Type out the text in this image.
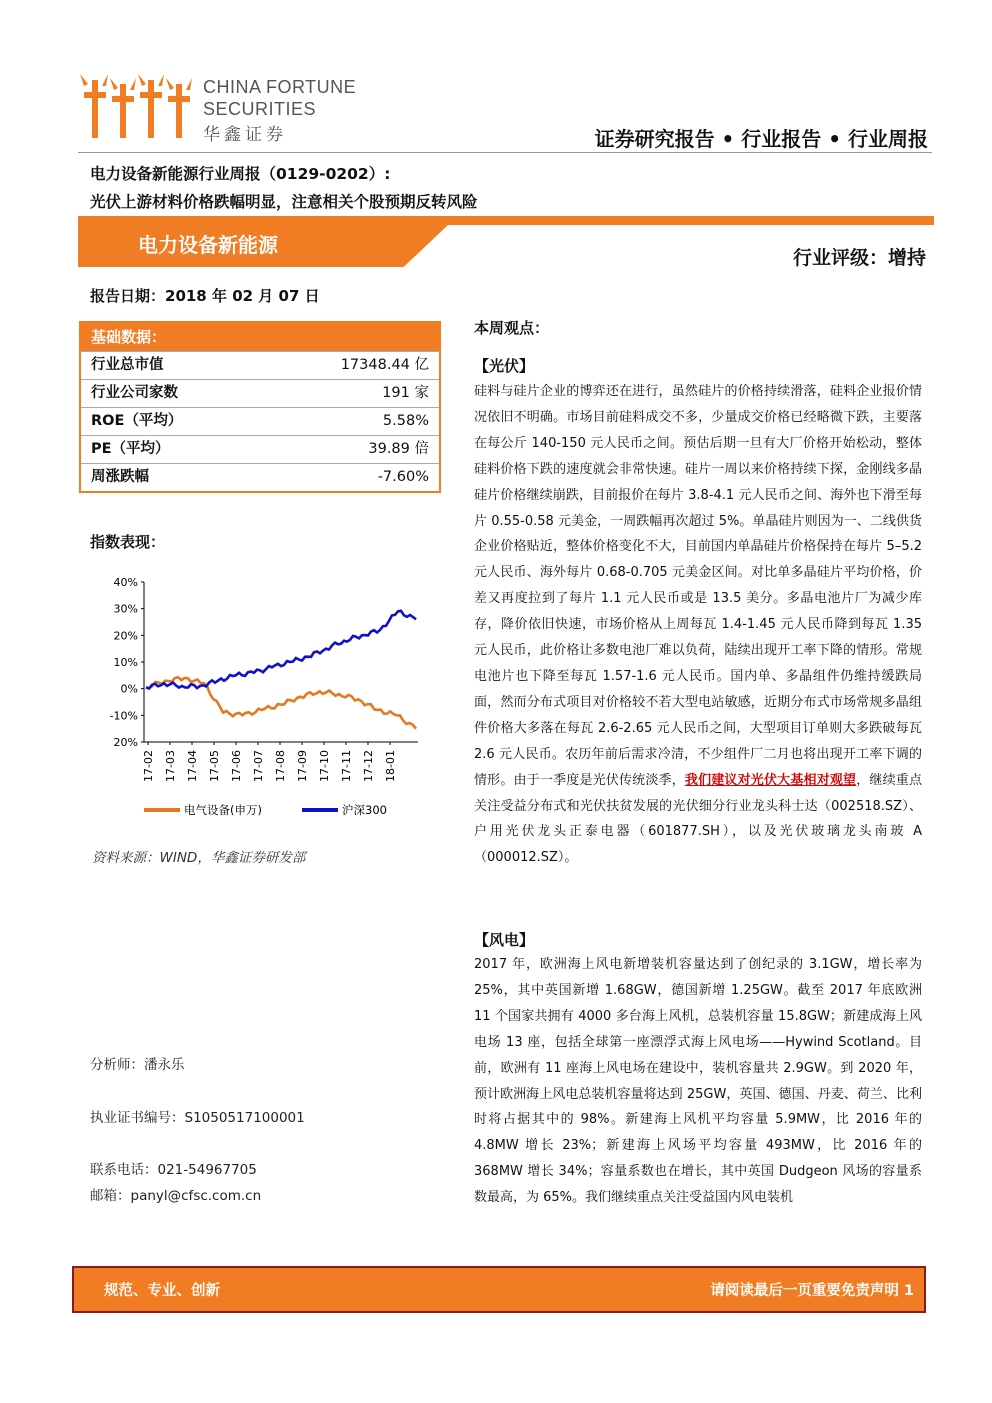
CHINA FORTUNE
SECURITIES
华鑫证券	证券研究报告 • 行业报告 • 行业周报
电力设备新能源行业周报（0129-0202）:
光伏上游材料价格跌幅明显，注意相关个股预期反转风险
电力设备新能源
行业评级：增持
报告日期：2018 年 02 月 07 日
基础数据：
行业总市值	17348.44 亿
行业公司家数	191 家
ROE（平均）	5.58%
PE（平均）	39.89 倍
周涨跌幅	-7.60%
指数表现：
40%
30%
20%
10%
0%
-10%
20%
17-02 17-03 17-04 17-05 17-06 17-07 17-08 17-09 17-10 17-11 17-12 18-01
电气设备(申万)	沪深300
资料来源：WIND，华鑫证券研发部
分析师：潘永乐
执业证书编号：S1050517100001
联系电话：021-54967705
邮箱：panyl@cfsc.com.cn
本周观点：
【光伏】
硅料与硅片企业的博弈还在进行，虽然硅片的价格持续滑落，硅料企业报价情况依旧不明确。市场目前硅料成交不多，少量成交价格已经略微下跌，主要落在每公斤 140-150 元人民币之间。预估后期一旦有大厂价格开始松动，整体硅料价格下跌的速度就会非常快速。硅片一周以来价格持续下探，金刚线多晶硅片价格继续崩跌，目前报价在每片 3.8-4.1 元人民币之间、海外也下滑至每片 0.55-0.58 元美金，一周跌幅再次超过 5%。单晶硅片则因为一、二线供货企业价格贴近，整体价格变化不大，目前国内单晶硅片价格保持在每片 5–5.2 元人民币、海外每片 0.68-0.705 元美金区间。对比单多晶硅片平均价格，价差又再度拉到了每片 1.1 元人民币或是 13.5 美分。多晶电池片厂为减少库存，降价依旧快速，市场价格从上周每瓦 1.4-1.45 元人民币降到每瓦 1.35 元人民币，此价格让多数电池厂难以负荷，陆续出现开工率下降的情形。常规电池片也下降至每瓦 1.57-1.6 元人民币。国内单、多晶组件仍维持缓跌局面，然而分布式项目对价格较不若大型电站敏感，近期分布式市场常规多晶组件价格大多落在每瓦 2.6-2.65 元人民币之间，大型项目订单则大多跌破每瓦 2.6 元人民币。农历年前后需求冷清，不少组件厂二月也将出现开工率下调的情形。由于一季度是光伏传统淡季，我们建议对光伏大基相对观望，继续重点关注受益分布式和光伏扶贫发展的光伏细分行业龙头科士达（002518.SZ）、户用光伏龙头正泰电器（601877.SH），以及光伏玻璃龙头南玻 A（000012.SZ）。
【风电】
2017 年，欧洲海上风电新增装机容量达到了创纪录的 3.1GW，增长率为 25%，其中英国新增 1.68GW，德国新增 1.25GW。截至 2017 年底欧洲 11 个国家共拥有 4000 多台海上风机，总装机容量 15.8GW；新建成海上风电场 13 座，包括全球第一座漂浮式海上风电场——Hywind Scotland。目前，欧洲有 11 座海上风电场在建设中，装机容量共 2.9GW。到 2020 年，预计欧洲海上风电总装机容量将达到 25GW，英国、德国、丹麦、荷兰、比利时将占据其中的 98%。新建海上风机平均容量 5.9MW，比 2016 年的 4.8MW 增长 23%；新建海上风场平均容量 493MW，比 2016 年的 368MW 增长 34%；容量系数也在增长，其中英国 Dudgeon 风场的容量系数最高，为 65%。我们继续重点关注受益国内风电装机
规范、专业、创新	请阅读最后一页重要免责声明 1
